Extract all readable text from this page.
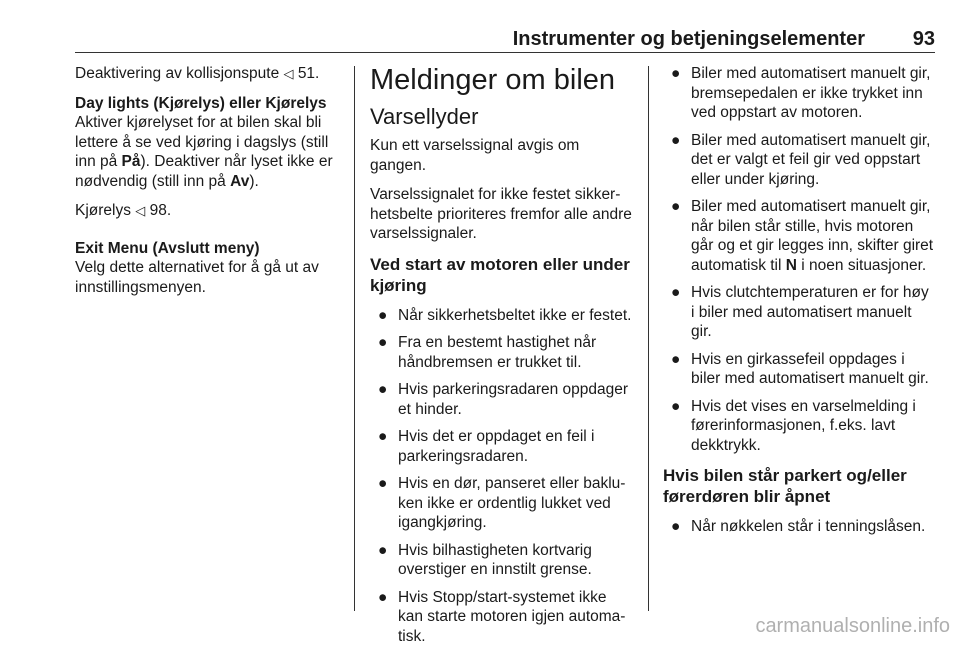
Instrumenter og betjeningselementer 93

Deaktivering av kollisjonspute ◁ 51.

Day lights (Kjørelys) eller Kjørelys

Aktiver kjørelyset for at bilen skal bli lettere å se ved kjøring i dagslys (still inn på På). Deaktiver når lyset ikke er nødvendig (still inn på Av).

Kjørelys ◁ 98.

Exit Menu (Avslutt meny)

Velg dette alternativet for å gå ut av innstillingsmenyen.

Meldinger om bilen
Varsellyder

Kun ett varselssignal avgis om gangen.

Varselssignalet for ikke festet sikkerhetsbelte prioriteres fremfor alle andre varselssignaler.

Ved start av motoren eller under kjøring
● Når sikkerhetsbeltet ikke er festet.
● Fra en bestemt hastighet når håndbremsen er trukket til.
● Hvis parkeringsradaren oppdager et hinder.
● Hvis det er oppdaget en feil i parkeringsradaren.
● Hvis en dør, panseret eller bakluken ikke er ordentlig lukket ved igangkjøring.
● Hvis bilhastigheten kortvarig overstiger en innstilt grense.
● Hvis Stopp/start-systemet ikke kan starte motoren igjen automatisk.
● Biler med automatisert manuelt gir, bremsepedalen er ikke trykket inn ved oppstart av motoren.
● Biler med automatisert manuelt gir, det er valgt et feil gir ved oppstart eller under kjøring.
● Biler med automatisert manuelt gir, når bilen står stille, hvis motoren går og et gir legges inn, skifter giret automatisk til N i noen situasjoner.
● Hvis clutchtemperaturen er for høy i biler med automatisert manuelt gir.
● Hvis en girkassefeil oppdages i biler med automatisert manuelt gir.
● Hvis det vises en varselmelding i førerinformasjonen, f.eks. lavt dekktrykk.
Hvis bilen står parkert og/eller førerdøren blir åpnet
● Når nøkkelen står i tenningslåsen.
carmanualsonline.info
